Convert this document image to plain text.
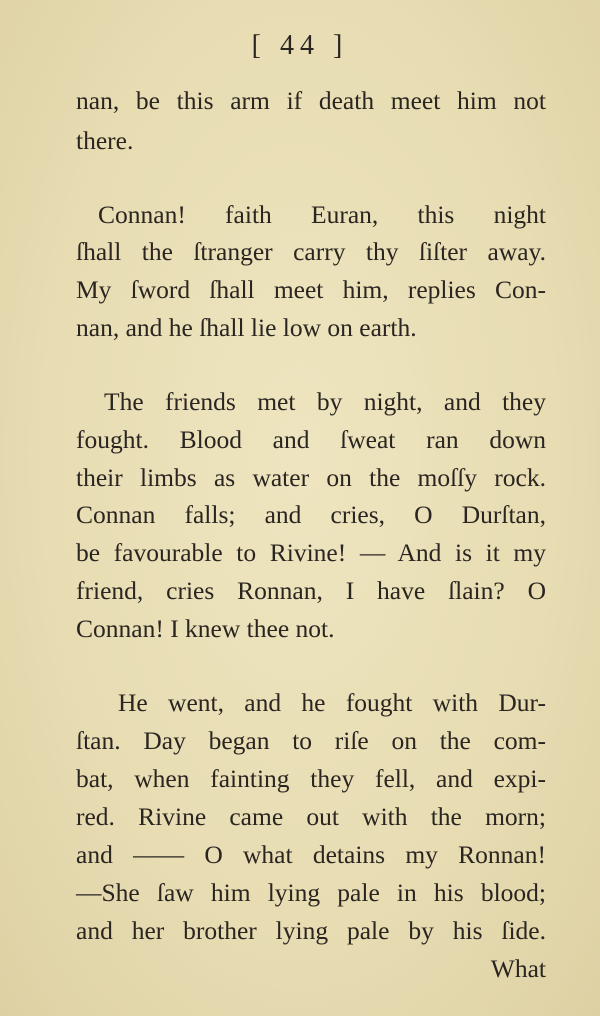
[ 44 ]
nan, be this arm if death meet him not
there.
Connan! faith Euran, this night
ſhall the ſtranger carry thy ſiſter away.
My ſword ſhall meet him, replies Con-
nan, and he ſhall lie low on earth.
The friends met by night, and they
fought. Blood and ſweat ran down
their limbs as water on the moſſy rock.
Connan falls; and cries, O Durſtan,
be favourable to Rivine! — And is it my
friend, cries Ronnan, I have ſlain? O
Connan! I knew thee not.
He went, and he fought with Dur-
ſtan. Day began to riſe on the com-
bat, when fainting they fell, and expi-
red. Rivine came out with the morn;
and —— O what detains my Ronnan!
—She ſaw him lying pale in his blood;
and her brother lying pale by his ſide.
What
